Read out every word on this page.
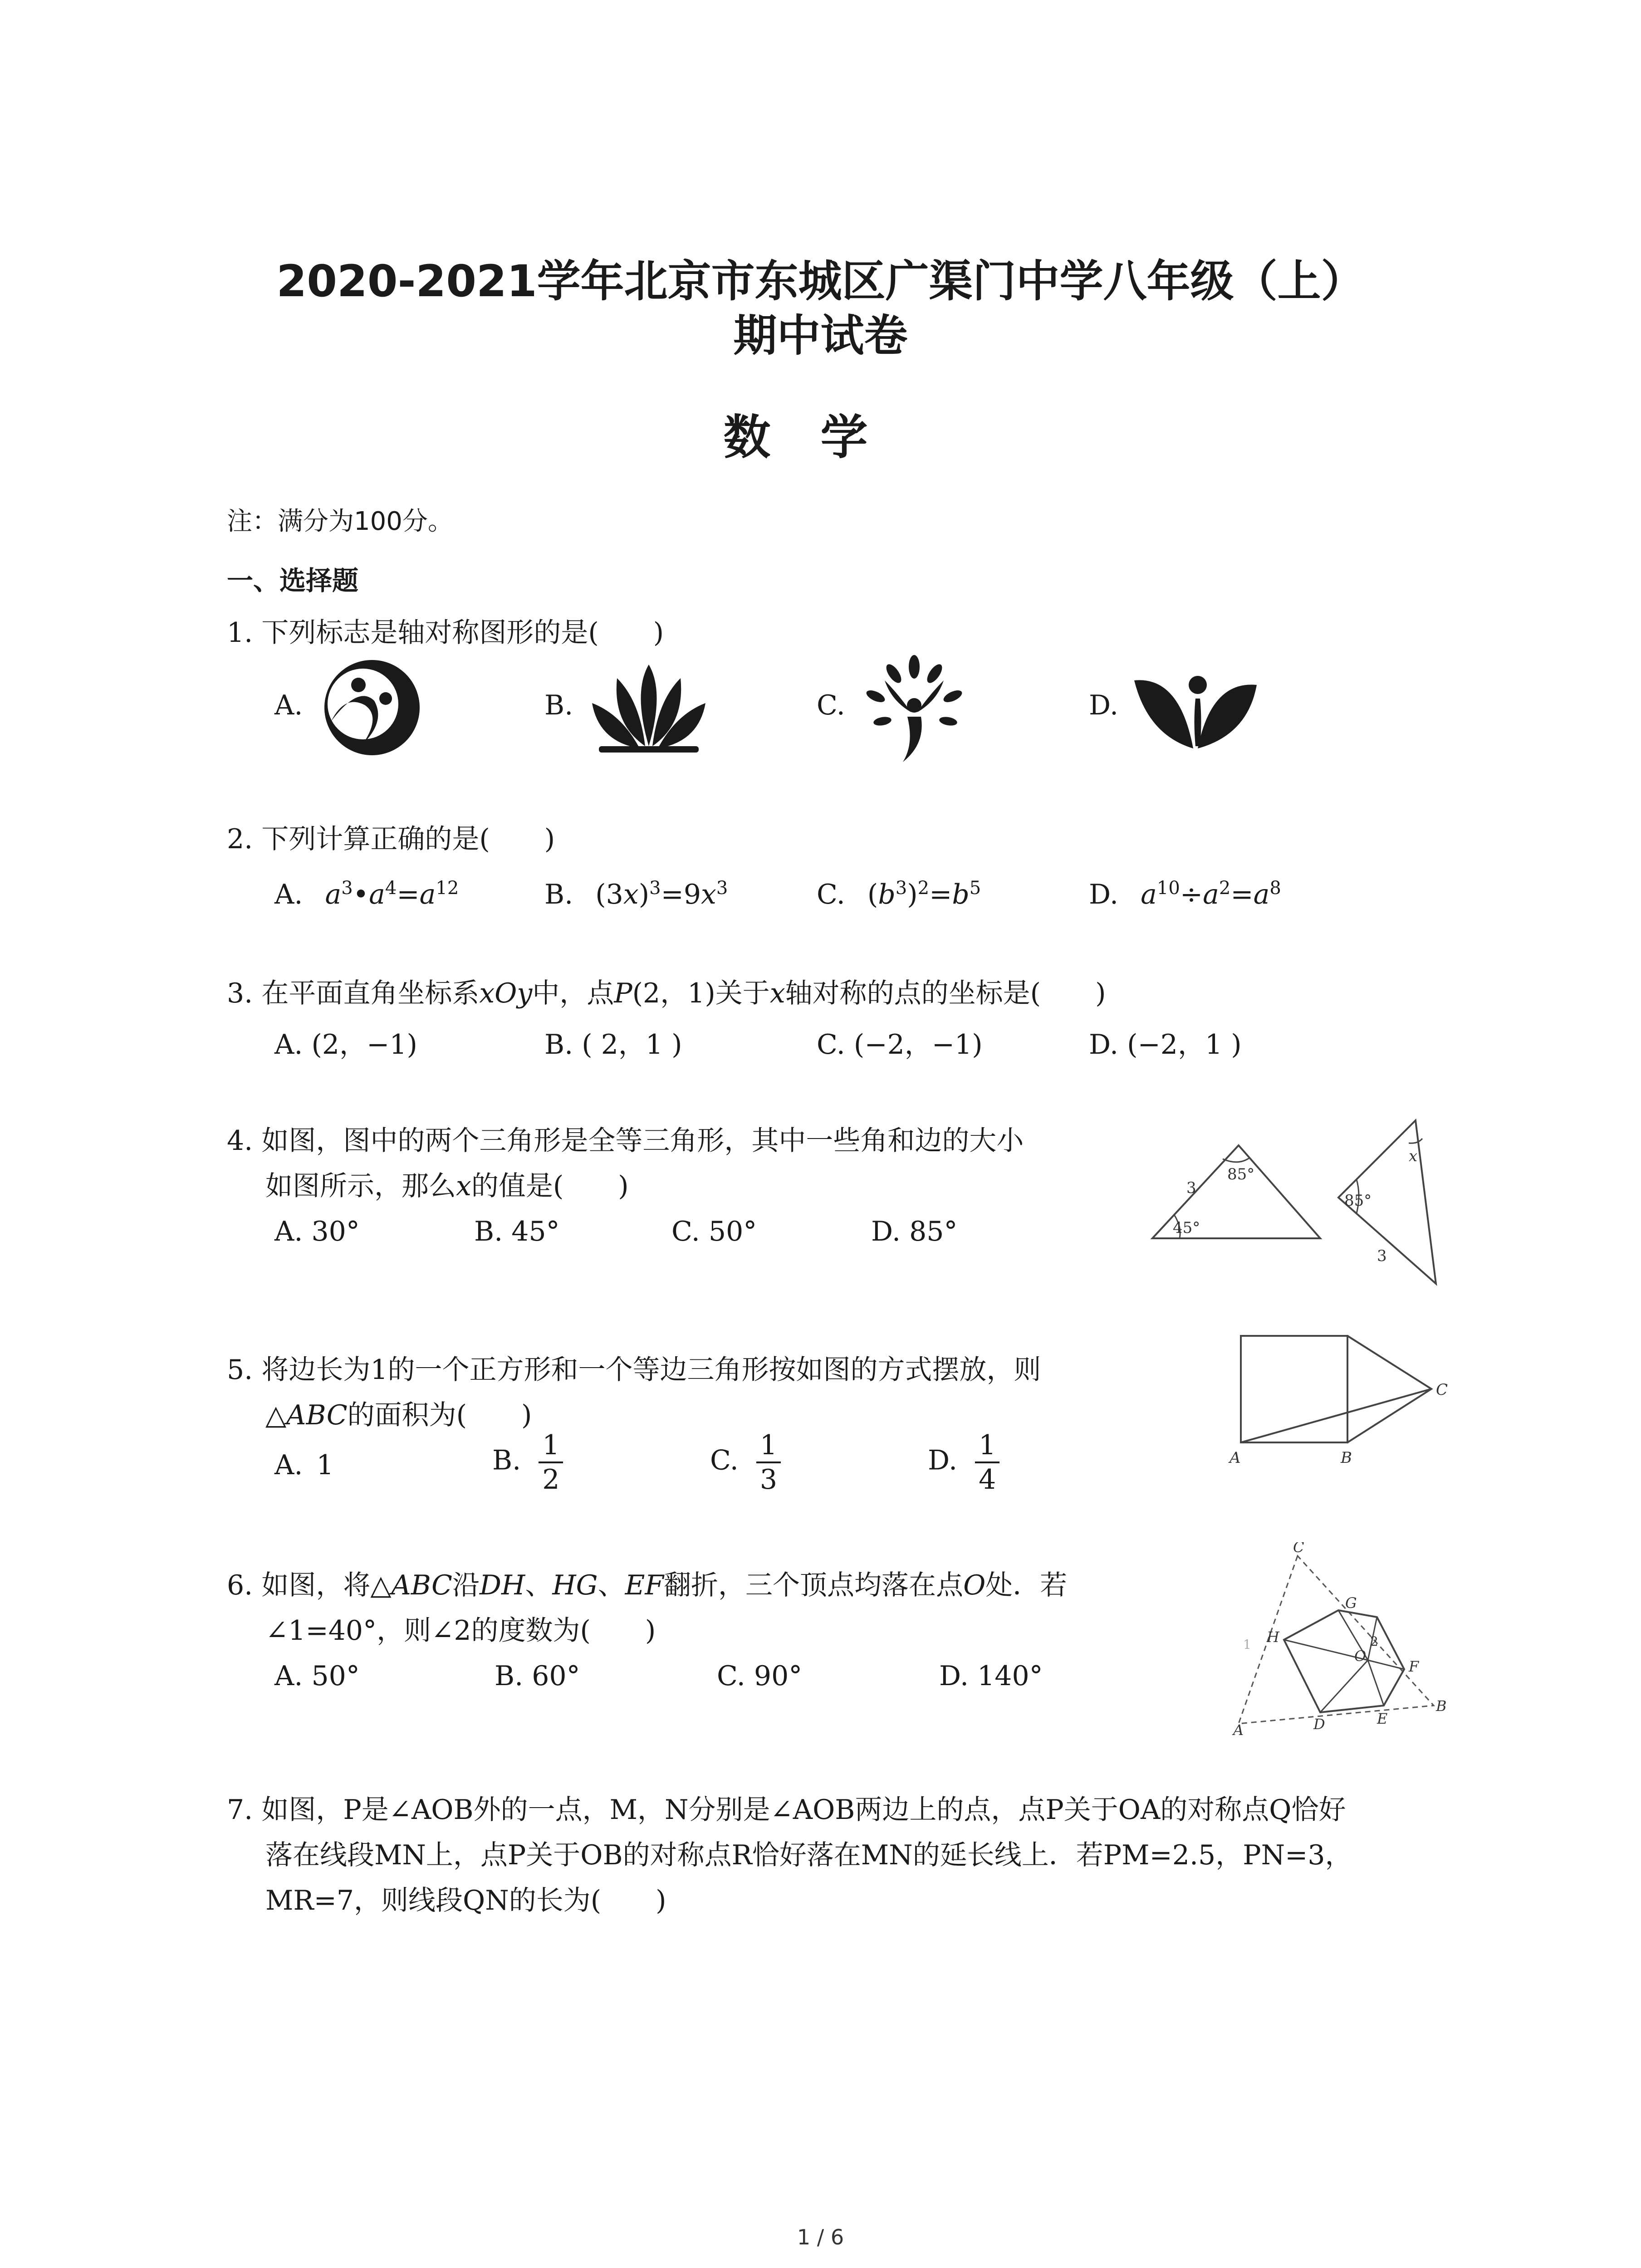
2020-2021学年北京市东城区广渠门中学八年级（上）
期中试卷
数学
注：满分为100分。
一、选择题
1. 下列标志是轴对称图形的是(　　)
A.	B.	C.	D.
2. 下列计算正确的是(　　)
A. $a^3•a^4=a^{12}$	B. $(3x)^3=9x^3$	C. $(b^3)^2=b^5$	D. $a^{10}\div a^2=a^8$
3. 在平面直角坐标系xOy中，点P(2，1)关于x轴对称的点的坐标是(　　)
A. (2，−1)	B. ( 2，1 )	C. (−2，−1)	D. (−2，1 )
4. 如图，图中的两个三角形是全等三角形，其中一些角和边的大小
如图所示，那么x的值是(　　)
A. 30°	B. 45°	C. 50°	D. 85°
3
85°
45°
x
85°
3
5. 将边长为1的一个正方形和一个等边三角形按如图的方式摆放，则
△ABC的面积为(　　)
A. 1	B. $\frac{1}{2}$	C. $\frac{1}{3}$	D. $\frac{1}{4}$	A	B
C
6. 如图，将△ABC沿DH、HG、EF翻折，三个顶点均落在点O处．若
∠1=40°，则∠2的度数为(　　)
A. 50°	B. 60°	C. 90°	D. 140°
C
G
H
O
1	2
F
A	D	E
B
7. 如图，P是∠AOB外的一点，M，N分别是∠AOB两边上的点，点P关于OA的对称点Q恰好
落在线段MN上，点P关于OB的对称点R恰好落在MN的延长线上．若PM=2.5，PN=3，
MR=7，则线段QN的长为(　　)
1 / 6
